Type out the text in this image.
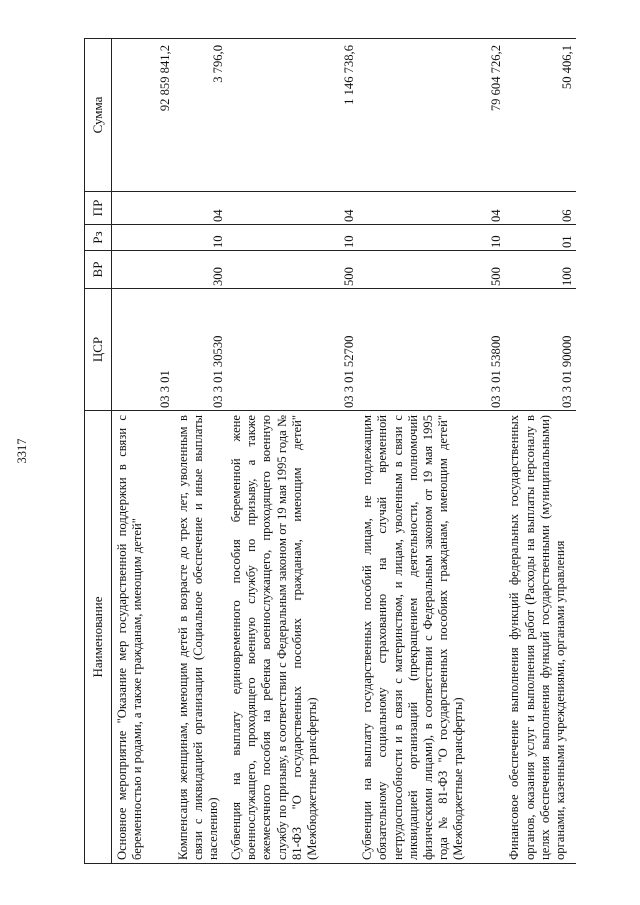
3317
Наименование	ЦСР	ВР	Рз	ПР	Сумма
Основное мероприятие "Оказание мер государственной поддержки в связи с беременностью и родами, а также гражданам, имеющим детей"	03 3 01				92 859 841,2
Компенсация женщинам, имеющим детей в возрасте до трех лет, уволенным в связи с ликвидацией организации (Социальное обеспечение и иные выплаты населению)	03 3 01 30530	300	10	04	3 796,0
Субвенция на выплату единовременного пособия беременной жене военнослужащего, проходящего военную службу по призыву, а также ежемесячного пособия на ребенка военнослужащего, проходящего военную службу по призыву, в соответствии с Федеральным законом от 19 мая 1995 года № 81-ФЗ "О государственных пособиях гражданам, имеющим детей" (Межбюджетные трансферты)	03 3 01 52700	500	10	04	1 146 738,6
Субвенции на выплату государственных пособий лицам, не подлежащим обязательному социальному страхованию на случай временной нетрудоспособности и в связи с материнством, и лицам, уволенным в связи с ликвидацией организаций (прекращением деятельности, полномочий физическими лицами), в соответствии с Федеральным законом от 19 мая 1995 года № 81-ФЗ "О государственных пособиях гражданам, имеющим детей" (Межбюджетные трансферты)	03 3 01 53800	500	10	04	79 604 726,2
Финансовое обеспечение выполнения функций федеральных государственных органов, оказания услуг и выполнения работ (Расходы на выплаты персоналу в целях обеспечения выполнения функций государственными (муниципальными) органами, казенными учреждениями, органами управления	03 3 01 90000	100	01	06	50 406,1
